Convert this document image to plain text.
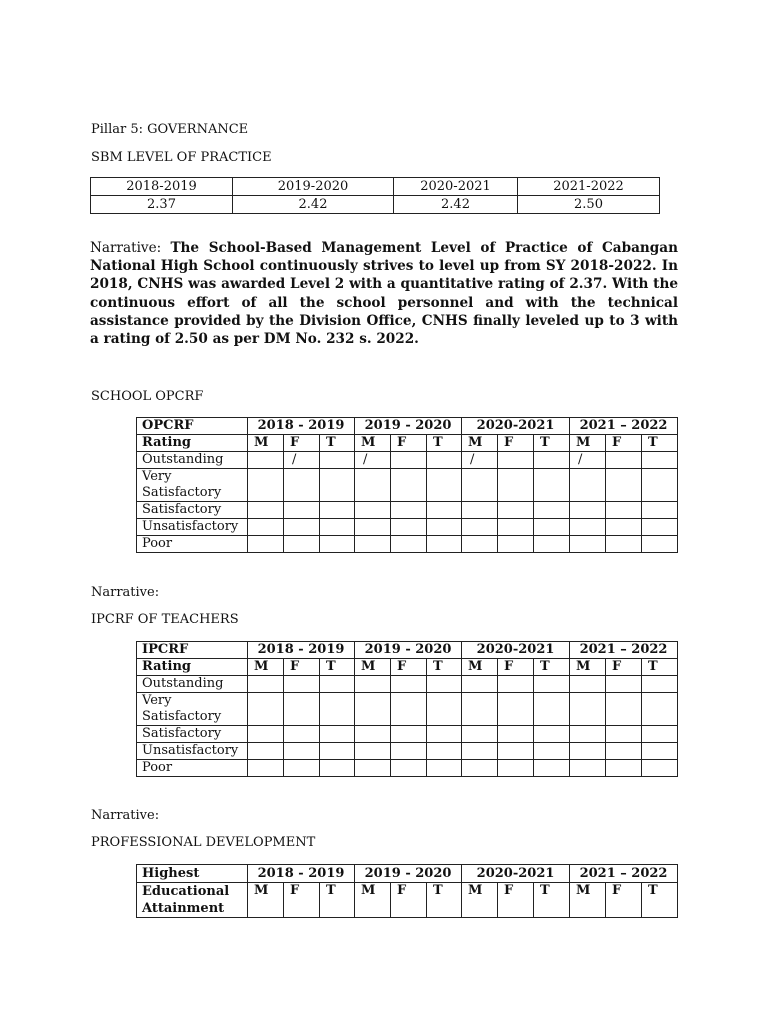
Pillar 5: GOVERNANCE
SBM LEVEL OF PRACTICE
2018-2019	2019-2020	2020-2021	2021-2022
2.37	2.42	2.42	2.50
Narrative: The School-Based Management Level of Practice of Cabangan National High School continuously strives to level up from SY 2018-2022. In 2018, CNHS was awarded Level 2 with a quantitative rating of 2.37. With the continuous effort of all the school personnel and with the technical assistance provided by the Division Office, CNHS finally leveled up to 3 with a rating of 2.50 as per DM No. 232 s. 2022.
SCHOOL OPCRF
OPCRF	2018 - 2019			2019 - 2020			2020-2021			2021 – 2022		
Rating	M	F	T	M	F	T	M	F	T	M	F	T
Outstanding		/		/			/			/		
Very Satisfactory												
Satisfactory												
Unsatisfactory												
Poor												
Narrative:
IPCRF OF TEACHERS
IPCRF	2018 - 2019			2019 - 2020			2020-2021			2021 – 2022		
Rating	M	F	T	M	F	T	M	F	T	M	F	T
Outstanding												
Very Satisfactory												
Satisfactory												
Unsatisfactory												
Poor												
Narrative:
PROFESSIONAL DEVELOPMENT
Highest	2018 - 2019			2019 - 2020			2020-2021			2021 – 2022		
Educational
Attainment	M	F	T	M	F	T	M	F	T	M	F	T
